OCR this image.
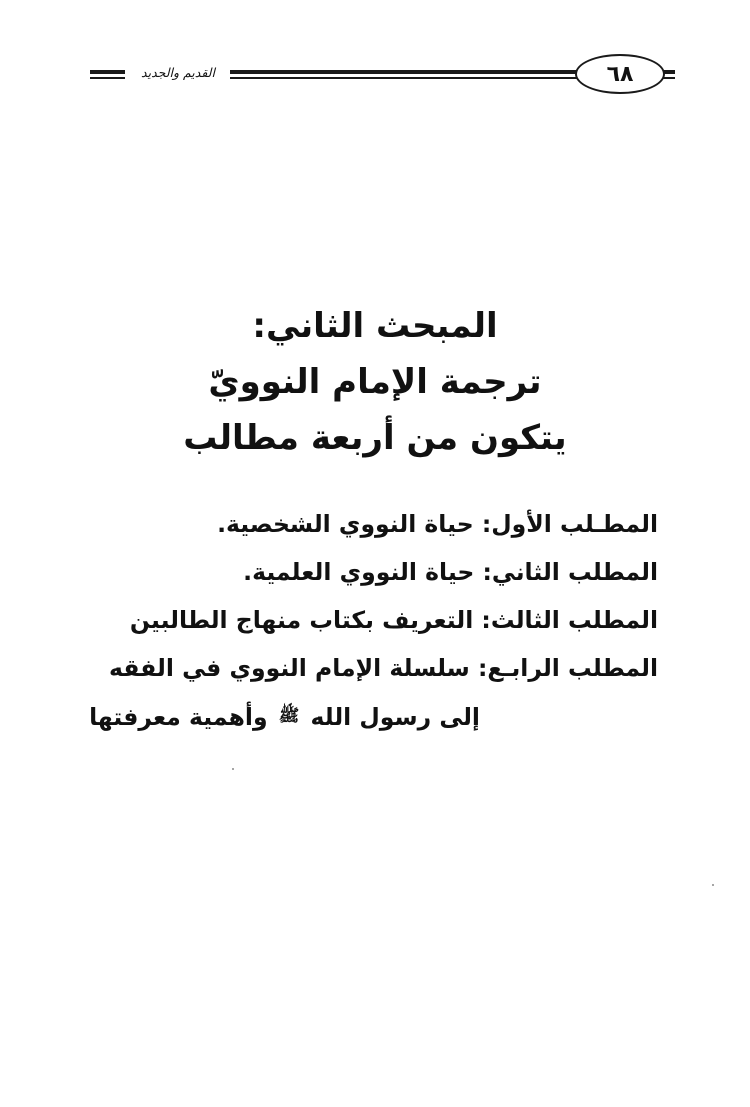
القديم والجديد	٦٨
المبحث الثاني:
ترجمة الإمام النوويّ
يتكون من أربعة مطالب
المطـلب الأول: حياة النووي الشخصية.
المطلب الثاني: حياة النووي العلمية.
المطلب الثالث: التعريف بكتاب منهاج الطالبين
المطلب الرابـع: سلسلة الإمام النووي في الفقه
إلى رسول الله ﷺ وأهمية معرفتها
